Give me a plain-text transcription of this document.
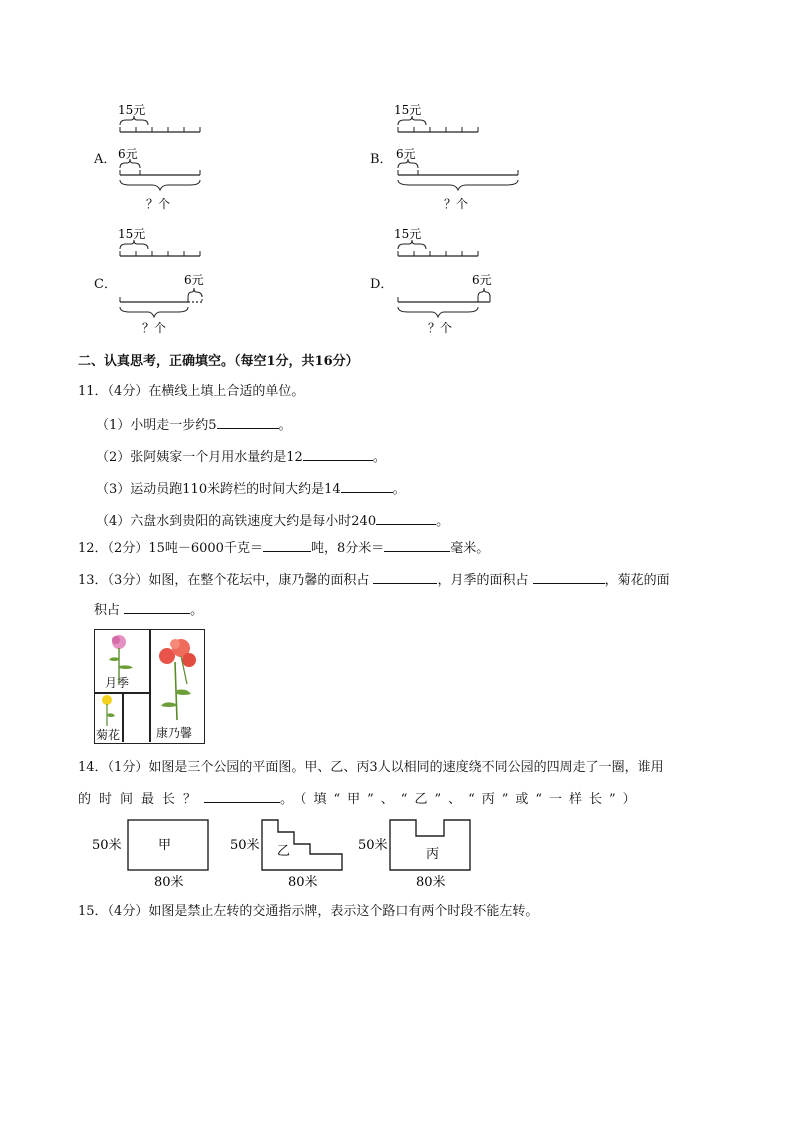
A．
15元
6元
？个
B．
15元
6元
？个
C．
15元
6元
？个
D．
15元
6元
？个
二、认真思考，正确填空。（每空1分，共16分）
11．（4分）在横线上填上合适的单位。
（1）小明走一步约5	。
（2）张阿姨家一个月用水量约是12	。
（3）运动员跑110米跨栏的时间大约是14	。
（4）六盘水到贵阳的高铁速度大约是每小时240	。
12．（2分）15吨－6000千克＝	吨，8分米＝	毫米。
13．（3分）如图，在整个花坛中，康乃馨的面积占	，月季的面积占	，菊花的面
积占	。
月季
菊花	康乃馨
14．（1分）如图是三个公园的平面图。甲、乙、丙3人以相同的速度绕不同公园的四周走了一圈，谁用
的时间最长？	。（填“甲”、“乙”、“丙”或“一样长”）
50米	甲
80米
50米 乙
80米
50米
丙
80米
15．（4分）如图是禁止左转的交通指示牌，表示这个路口有两个时段不能左转。
